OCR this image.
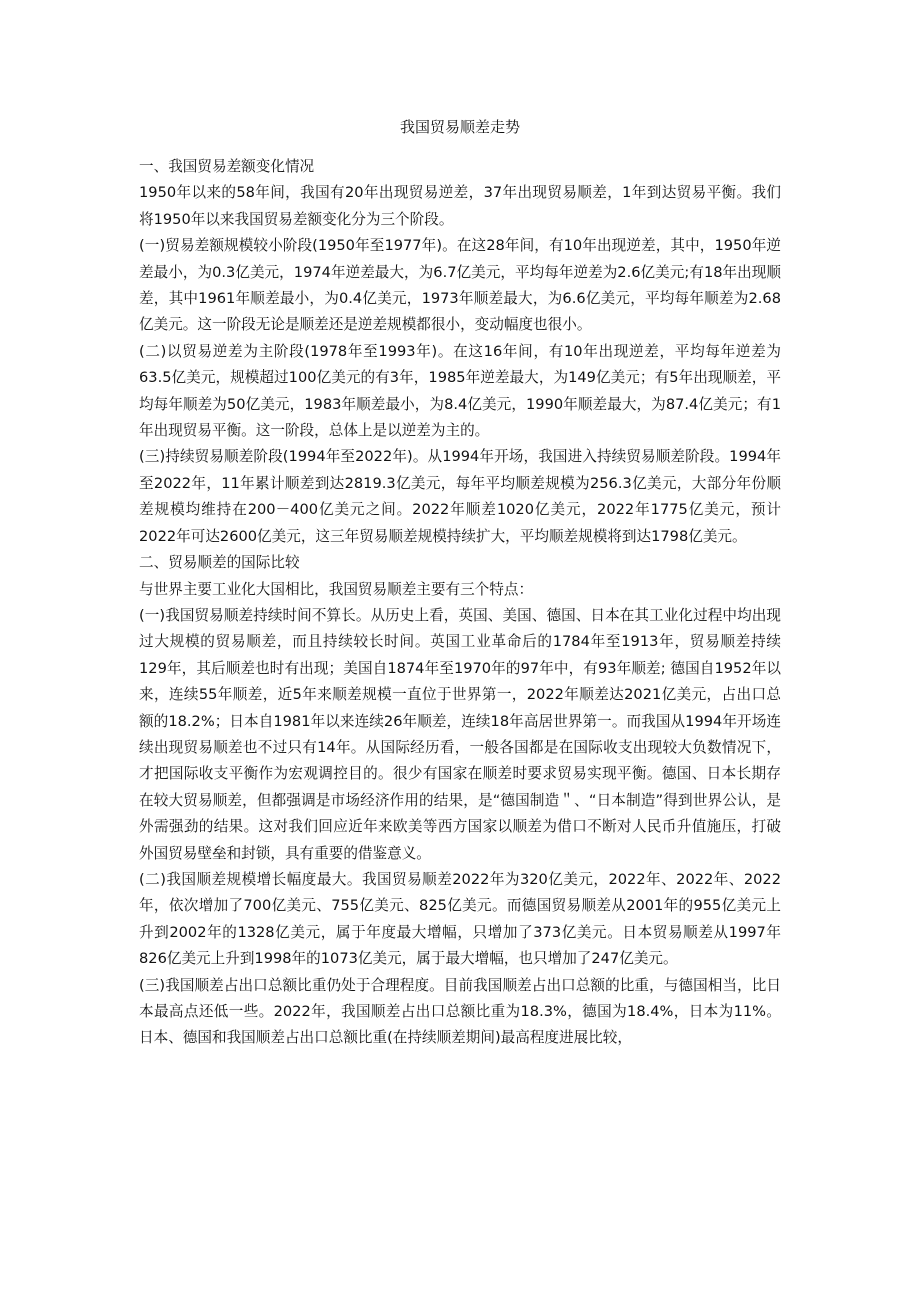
我国贸易顺差走势

一、我国贸易差额变化情况

1950年以来的58年间，我国有20年出现贸易逆差，37年出现贸易顺差，1年到达贸易平衡。我们将1950年以来我国贸易差额变化分为三个阶段。

(一)贸易差额规模较小阶段(1950年至1977年)。在这28年间，有10年出现逆差，其中，1950年逆差最小，为0.3亿美元，1974年逆差最大，为6.7亿美元，平均每年逆差为2.6亿美元;有18年出现顺差，其中1961年顺差最小，为0.4亿美元，1973年顺差最大，为6.6亿美元，平均每年顺差为2.68亿美元。这一阶段无论是顺差还是逆差规模都很小，变动幅度也很小。

(二)以贸易逆差为主阶段(1978年至1993年)。在这16年间，有10年出现逆差，平均每年逆差为63.5亿美元，规模超过100亿美元的有3年，1985年逆差最大，为149亿美元；有5年出现顺差，平均每年顺差为50亿美元，1983年顺差最小，为8.4亿美元，1990年顺差最大，为87.4亿美元；有1年出现贸易平衡。这一阶段，总体上是以逆差为主的。

(三)持续贸易顺差阶段(1994年至2022年)。从1994年开场，我国进入持续贸易顺差阶段。1994年至2022年，11年累计顺差到达2819.3亿美元，每年平均顺差规模为256.3亿美元，大部分年份顺差规模均维持在200－400亿美元之间。2022年顺差1020亿美元，2022年1775亿美元，预计2022年可达2600亿美元，这三年贸易顺差规模持续扩大，平均顺差规模将到达1798亿美元。

二、贸易顺差的国际比较

与世界主要工业化大国相比，我国贸易顺差主要有三个特点：

(一)我国贸易顺差持续时间不算长。从历史上看，英国、美国、德国、日本在其工业化过程中均出现过大规模的贸易顺差，而且持续较长时间。英国工业革命后的1784年至1913年，贸易顺差持续129年，其后顺差也时有出现；美国自1874年至1970年的97年中，有93年顺差; 德国自1952年以来，连续55年顺差，近5年来顺差规模一直位于世界第一，2022年顺差达2021亿美元，占出口总额的18.2%；日本自1981年以来连续26年顺差，连续18年高居世界第一。而我国从1994年开场连续出现贸易顺差也不过只有14年。从国际经历看，一般各国都是在国际收支出现较大负数情况下，才把国际收支平衡作为宏观调控目的。很少有国家在顺差时要求贸易实现平衡。德国、日本长期存在较大贸易顺差，但都强调是市场经济作用的结果，是“德国制造＂、“日本制造”得到世界公认，是外需强劲的结果。这对我们回应近年来欧美等西方国家以顺差为借口不断对人民币升值施压，打破外国贸易壁垒和封锁，具有重要的借鉴意义。

(二)我国顺差规模增长幅度最大。我国贸易顺差2022年为320亿美元，2022年、2022年、2022年，依次增加了700亿美元、755亿美元、825亿美元。而德国贸易顺差从2001年的955亿美元上升到2002年的1328亿美元，属于年度最大增幅，只增加了373亿美元。日本贸易顺差从1997年826亿美元上升到1998年的1073亿美元，属于最大增幅，也只增加了247亿美元。

(三)我国顺差占出口总额比重仍处于合理程度。目前我国顺差占出口总额的比重，与德国相当，比日本最高点还低一些。2022年，我国顺差占出口总额比重为18.3%，德国为18.4%，日本为11%。日本、德国和我国顺差占出口总额比重(在持续顺差期间)最高程度进展比较，
